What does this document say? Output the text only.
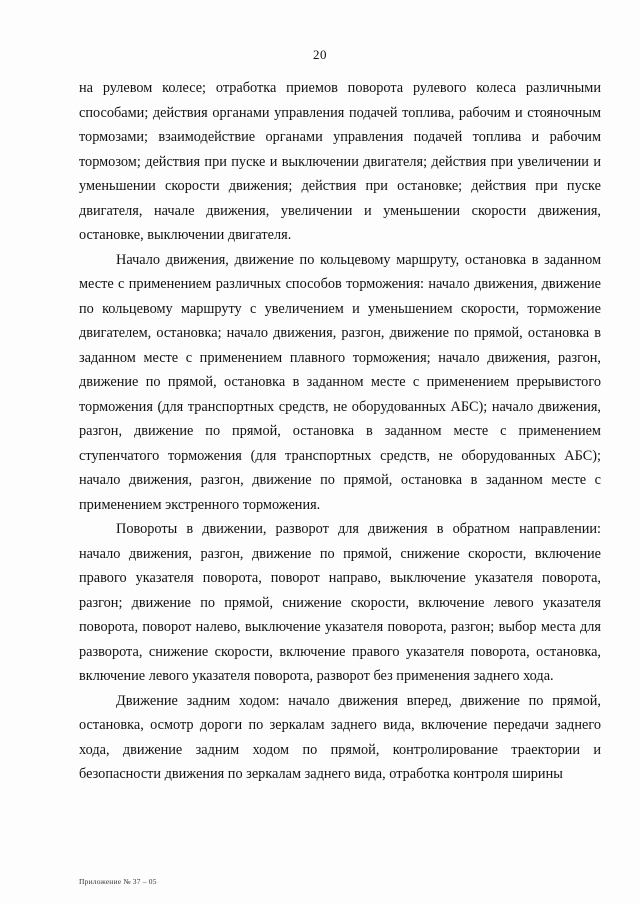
20

на рулевом колесе; отработка приемов поворота рулевого колеса различными способами; действия органами управления подачей топлива, рабочим и стояночным тормозами; взаимодействие органами управления подачей топлива и рабочим тормозом; действия при пуске и выключении двигателя; действия при увеличении и уменьшении скорости движения; действия при остановке; действия при пуске двигателя, начале движения, увеличении и уменьшении скорости движения, остановке, выключении двигателя.

Начало движения, движение по кольцевому маршруту, остановка в заданном месте с применением различных способов торможения: начало движения, движение по кольцевому маршруту с увеличением и уменьшением скорости, торможение двигателем, остановка; начало движения, разгон, движение по прямой, остановка в заданном месте с применением плавного торможения; начало движения, разгон, движение по прямой, остановка в заданном месте с применением прерывистого торможения (для транспортных средств, не оборудованных АБС); начало движения, разгон, движение по прямой, остановка в заданном месте с применением ступенчатого торможения (для транспортных средств, не оборудованных АБС); начало движения, разгон, движение по прямой, остановка в заданном месте с применением экстренного торможения.

Повороты в движении, разворот для движения в обратном направлении: начало движения, разгон, движение по прямой, снижение скорости, включение правого указателя поворота, поворот направо, выключение указателя поворота, разгон; движение по прямой, снижение скорости, включение левого указателя поворота, поворот налево, выключение указателя поворота, разгон; выбор места для разворота, снижение скорости, включение правого указателя поворота, остановка, включение левого указателя поворота, разворот без применения заднего хода.

Движение задним ходом: начало движения вперед, движение по прямой, остановка, осмотр дороги по зеркалам заднего вида, включение передачи заднего хода, движение задним ходом по прямой, контролирование траектории и безопасности движения по зеркалам заднего вида, отработка контроля ширины

Приложение № 37 – 05
